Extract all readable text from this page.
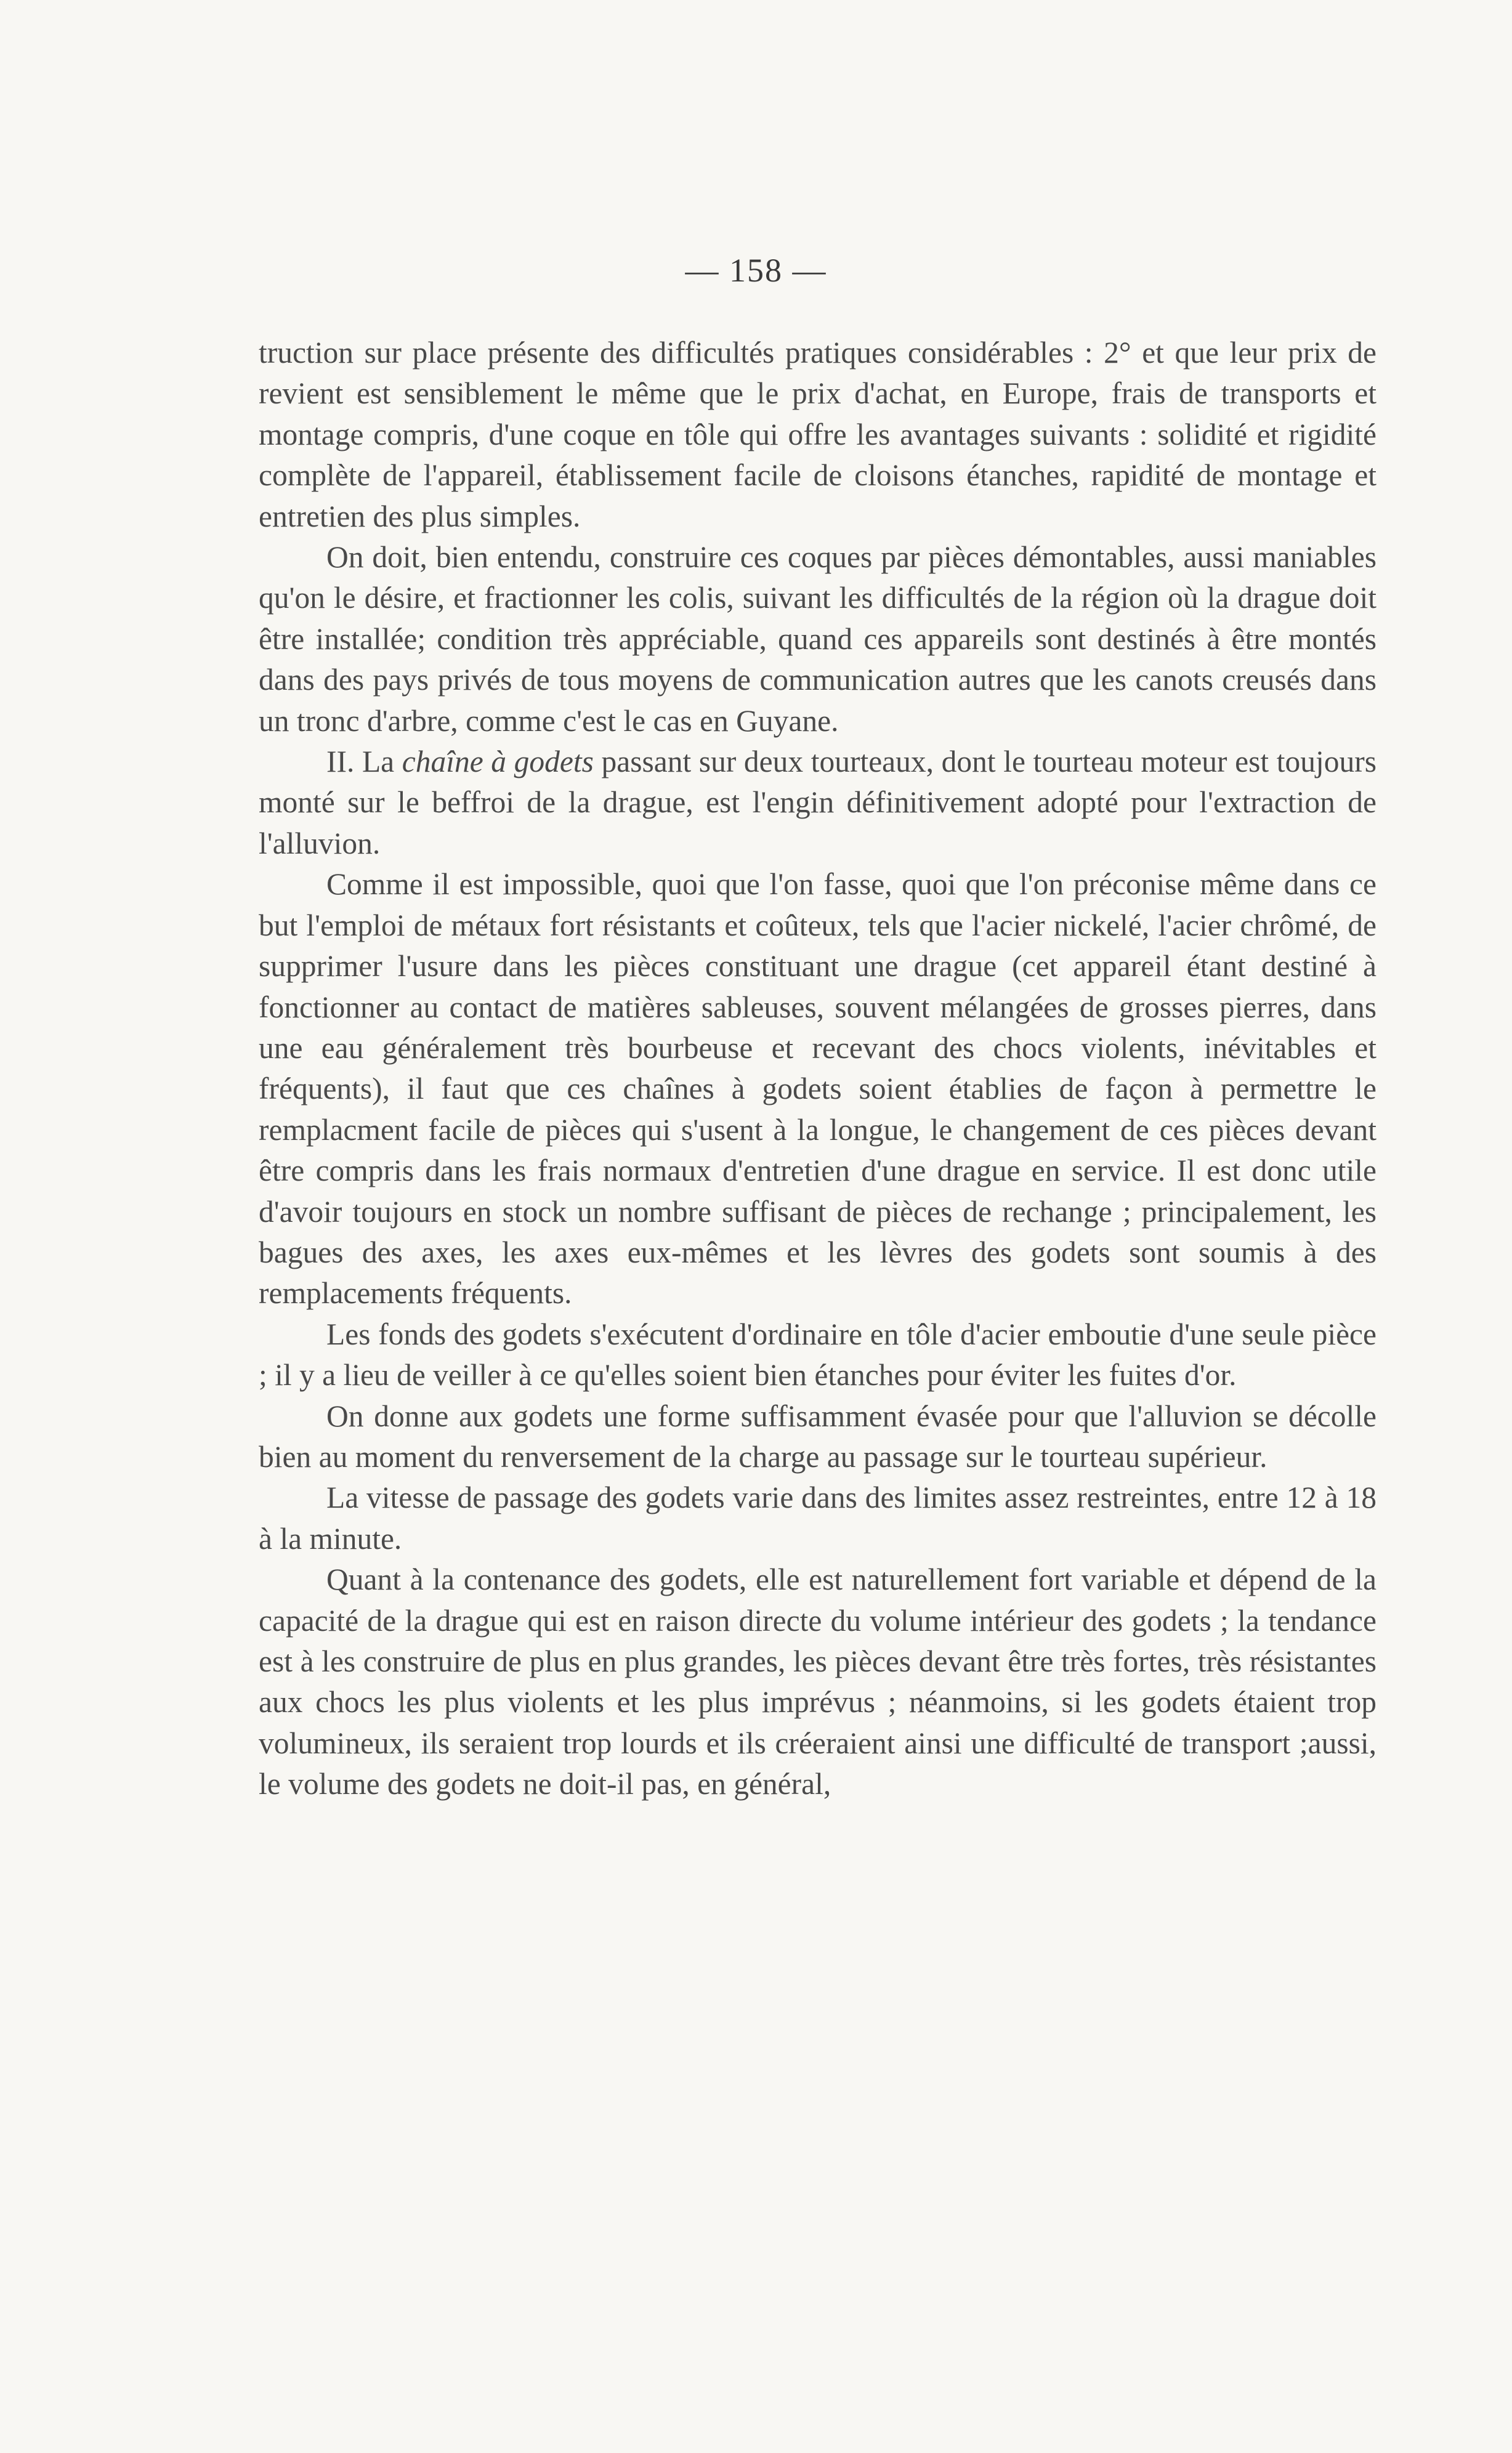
— 158 —

truction sur place présente des difficultés pratiques considérables : 2° et que leur prix de revient est sensiblement le même que le prix d'achat, en Europe, frais de transports et montage compris, d'une coque en tôle qui offre les avantages suivants : solidité et rigidité complète de l'appareil, établissement facile de cloisons étanches, rapidité de montage et entretien des plus simples.

On doit, bien entendu, construire ces coques par pièces démontables, aussi maniables qu'on le désire, et fractionner les colis, suivant les difficultés de la région où la drague doit être installée; condition très appréciable, quand ces appareils sont destinés à être montés dans des pays privés de tous moyens de communication autres que les canots creusés dans un tronc d'arbre, comme c'est le cas en Guyane.

II. La chaîne à godets passant sur deux tourteaux, dont le tourteau moteur est toujours monté sur le beffroi de la drague, est l'engin définitivement adopté pour l'extraction de l'alluvion.

Comme il est impossible, quoi que l'on fasse, quoi que l'on préconise même dans ce but l'emploi de métaux fort résistants et coûteux, tels que l'acier nickelé, l'acier chrômé, de supprimer l'usure dans les pièces constituant une drague (cet appareil étant destiné à fonctionner au contact de matières sableuses, souvent mélangées de grosses pierres, dans une eau généralement très bourbeuse et recevant des chocs violents, inévitables et fréquents), il faut que ces chaînes à godets soient établies de façon à permettre le remplacment facile de pièces qui s'usent à la longue, le changement de ces pièces devant être compris dans les frais normaux d'entretien d'une drague en service. Il est donc utile d'avoir toujours en stock un nombre suffisant de pièces de rechange ; principalement, les bagues des axes, les axes eux-mêmes et les lèvres des godets sont soumis à des remplacements fréquents.

Les fonds des godets s'exécutent d'ordinaire en tôle d'acier emboutie d'une seule pièce ; il y a lieu de veiller à ce qu'elles soient bien étanches pour éviter les fuites d'or.

On donne aux godets une forme suffisamment évasée pour que l'alluvion se décolle bien au moment du renversement de la charge au passage sur le tourteau supérieur.

La vitesse de passage des godets varie dans des limites assez restreintes, entre 12 à 18 à la minute.

Quant à la contenance des godets, elle est naturellement fort variable et dépend de la capacité de la drague qui est en raison directe du volume intérieur des godets ; la tendance est à les construire de plus en plus grandes, les pièces devant être très fortes, très résistantes aux chocs les plus violents et les plus imprévus ; néanmoins, si les godets étaient trop volumineux, ils seraient trop lourds et ils créeraient ainsi une difficulté de transport ;aussi, le volume des godets ne doit-il pas, en général,
